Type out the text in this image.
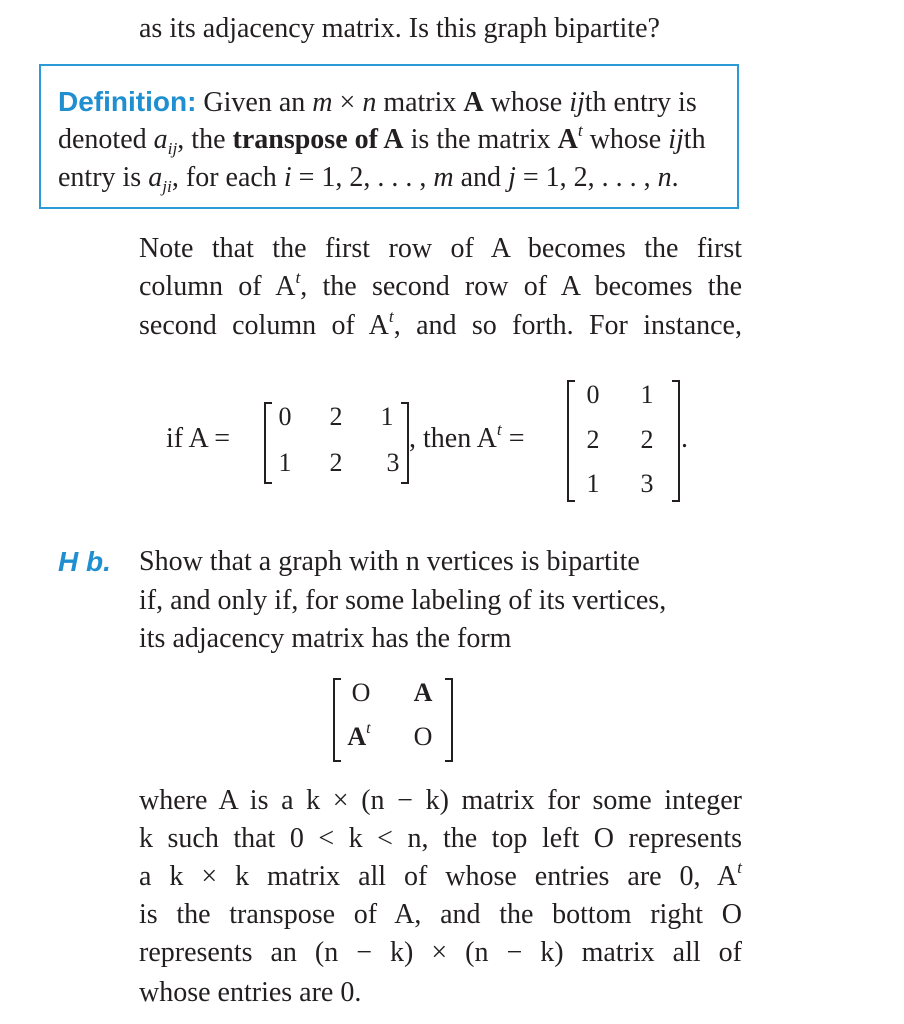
as its adjacency matrix. Is this graph bipartite?
Definition: Given an m × n matrix A whose ijth entry is
denoted $a_{ij}$, the transpose of A is the matrix $A^t$ whose ijth
entry is $a_{ji}$, for each i = 1, 2, . . . , m and j = 1, 2, . . . , n.
Note that the first row of A becomes the first
column of $A^t$, the second row of A becomes the
second column of $A^t$, and so forth. For instance,
if A =
0	2	1
1	2	3
, then $A^t$ =
0	1
2	2
1	3
.
H b. Show that a graph with n vertices is bipartite
if, and only if, for some labeling of its vertices,
its adjacency matrix has the form
O A
$A^t$ O
where A is a k × (n − k) matrix for some integer
k such that 0 < k < n, the top left O represents
a k × k matrix all of whose entries are 0, $A^t$
is the transpose of A, and the bottom right O
represents an (n − k) × (n − k) matrix all of
whose entries are 0.
